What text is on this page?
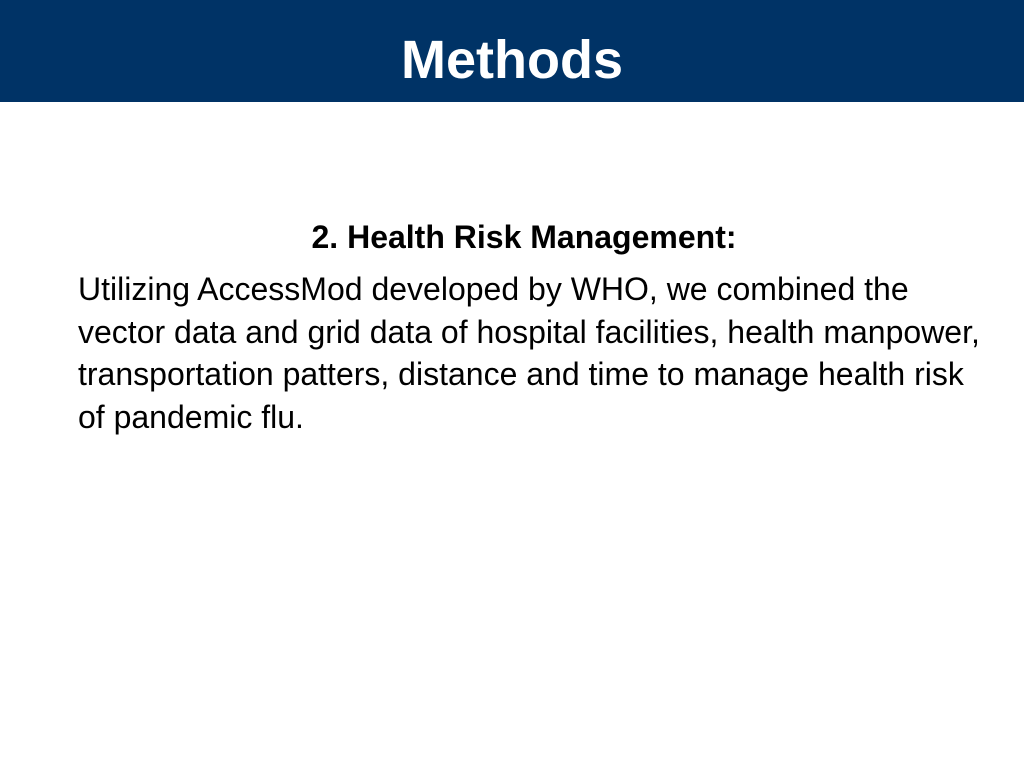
Methods
2. Health Risk Management:

Utilizing AccessMod developed by WHO, we combined the vector data and grid data of hospital facilities, health manpower, transportation patters, distance and time to manage health risk of pandemic flu.
